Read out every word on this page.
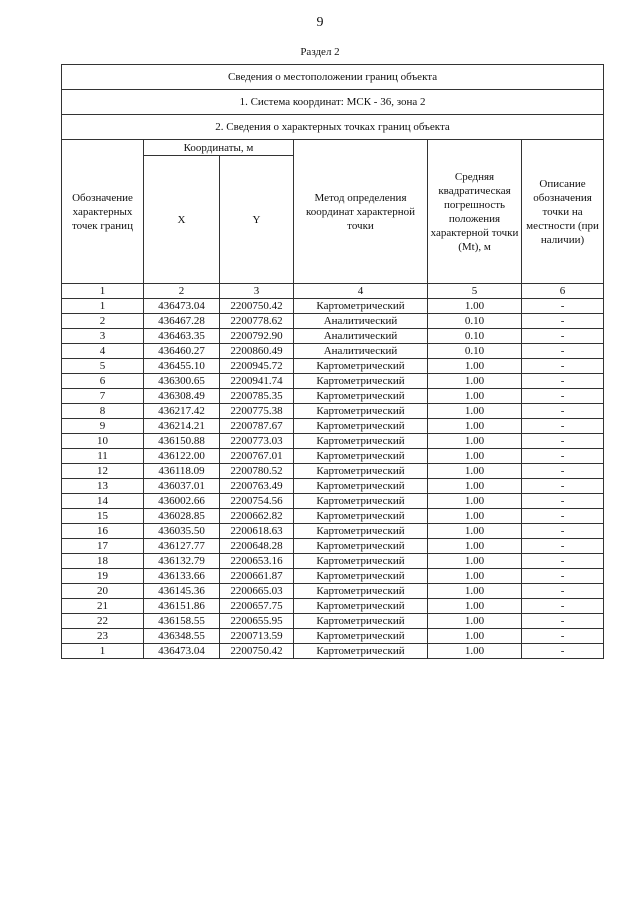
9
Раздел 2
Сведения о местоположении границ объекта					
1. Система координат: МСК - 36, зона 2					
2. Сведения о характерных точках границ объекта					
Обозначение характерных точек границ	Координаты, м		Метод определения координат характерной точки	Средняя квадратическая погрешность положения характерной точки (Mt), м	Описание обозначения точки на местности (при наличии)
	X	Y			
1	2	3	4	5	6
1	436473.04	2200750.42	Картометрический	1.00	-
2	436467.28	2200778.62	Аналитический	0.10	-
3	436463.35	2200792.90	Аналитический	0.10	-
4	436460.27	2200860.49	Аналитический	0.10	-
5	436455.10	2200945.72	Картометрический	1.00	-
6	436300.65	2200941.74	Картометрический	1.00	-
7	436308.49	2200785.35	Картометрический	1.00	-
8	436217.42	2200775.38	Картометрический	1.00	-
9	436214.21	2200787.67	Картометрический	1.00	-
10	436150.88	2200773.03	Картометрический	1.00	-
11	436122.00	2200767.01	Картометрический	1.00	-
12	436118.09	2200780.52	Картометрический	1.00	-
13	436037.01	2200763.49	Картометрический	1.00	-
14	436002.66	2200754.56	Картометрический	1.00	-
15	436028.85	2200662.82	Картометрический	1.00	-
16	436035.50	2200618.63	Картометрический	1.00	-
17	436127.77	2200648.28	Картометрический	1.00	-
18	436132.79	2200653.16	Картометрический	1.00	-
19	436133.66	2200661.87	Картометрический	1.00	-
20	436145.36	2200665.03	Картометрический	1.00	-
21	436151.86	2200657.75	Картометрический	1.00	-
22	436158.55	2200655.95	Картометрический	1.00	-
23	436348.55	2200713.59	Картометрический	1.00	-
1	436473.04	2200750.42	Картометрический	1.00	-
